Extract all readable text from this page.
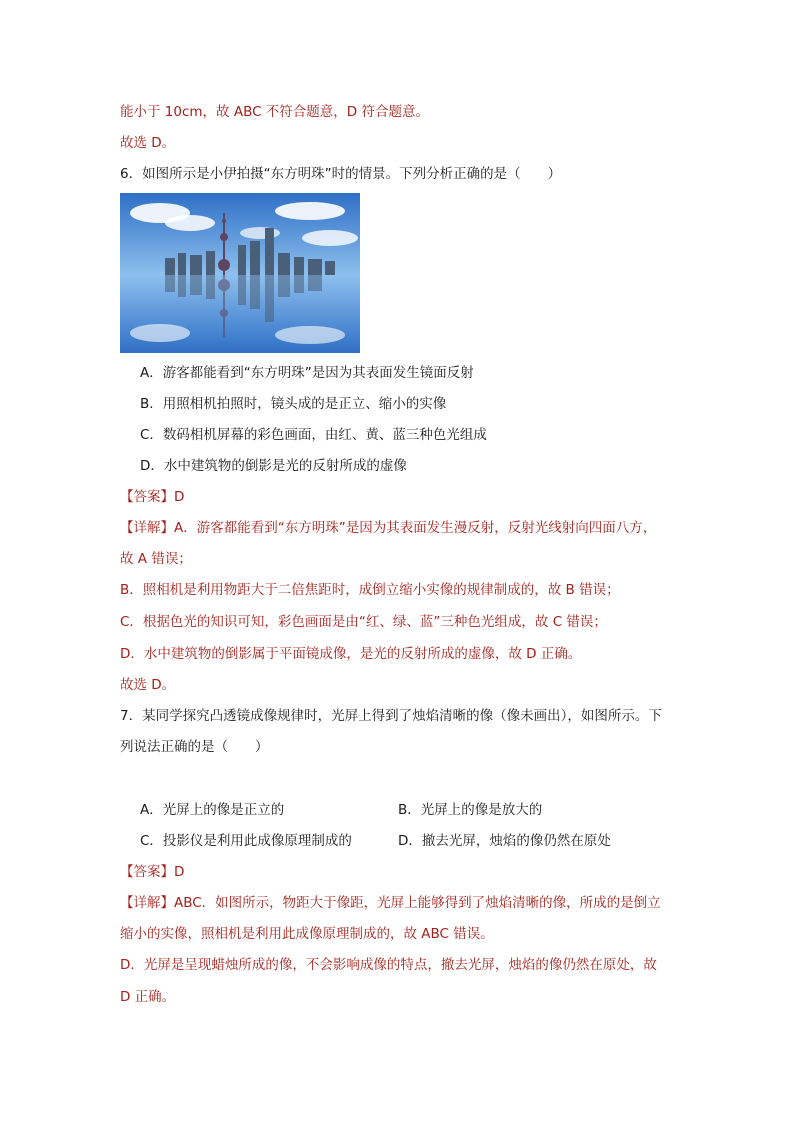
能小于 10cm，故 ABC 不符合题意，D 符合题意。
故选 D。
6．如图所示是小伊拍摄“东方明珠”时的情景。下列分析正确的是（　　）
A．游客都能看到“东方明珠”是因为其表面发生镜面反射
B．用照相机拍照时，镜头成的是正立、缩小的实像
C．数码相机屏幕的彩色画面，由红、黄、蓝三种色光组成
D．水中建筑物的倒影是光的反射所成的虚像
【答案】D
【详解】A．游客都能看到“东方明珠”是因为其表面发生漫反射，反射光线射向四面八方，
故 A 错误；
B．照相机是利用物距大于二倍焦距时，成倒立缩小实像的规律制成的，故 B 错误；
C．根据色光的知识可知，彩色画面是由“红、绿、蓝”三种色光组成，故 C 错误；
D．水中建筑物的倒影属于平面镜成像，是光的反射所成的虚像，故 D 正确。
故选 D。
7．某同学探究凸透镜成像规律时，光屏上得到了烛焰清晰的像（像未画出），如图所示。下
列说法正确的是（　　）
A．光屏上的像是正立的	B．光屏上的像是放大的
C．投影仪是利用此成像原理制成的	D．撤去光屏，烛焰的像仍然在原处
【答案】D
【详解】ABC．如图所示，物距大于像距，光屏上能够得到了烛焰清晰的像，所成的是倒立
缩小的实像，照相机是利用此成像原理制成的，故 ABC 错误。
D．光屏是呈现蜡烛所成的像，不会影响成像的特点，撤去光屏，烛焰的像仍然在原处，故
D 正确。
